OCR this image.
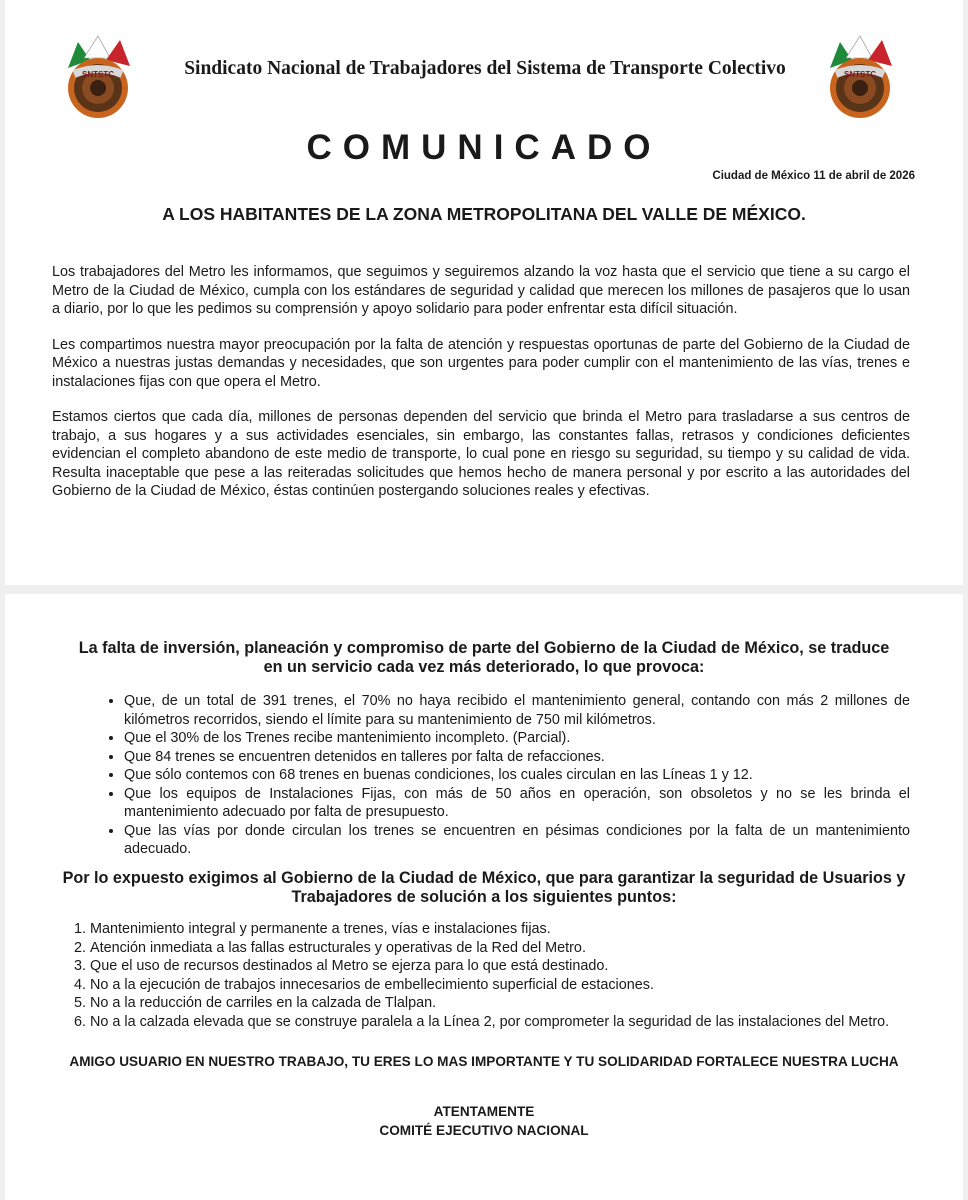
SNTSTC	SNTSTC
Sindicato Nacional de Trabajadores del Sistema de Transporte Colectivo
COMUNICADO
Ciudad de México 11 de abril de 2026
A LOS HABITANTES DE LA ZONA METROPOLITANA DEL VALLE DE MÉXICO.

Los trabajadores del Metro les informamos, que seguimos y seguiremos alzando la voz hasta que el servicio que tiene a su cargo el Metro de la Ciudad de México, cumpla con los estándares de seguridad y calidad que merecen los millones de pasajeros que lo usan a diario, por lo que les pedimos su comprensión y apoyo solidario para poder enfrentar esta difícil situación.

Les compartimos nuestra mayor preocupación por la falta de atención y respuestas oportunas de parte del Gobierno de la Ciudad de México a nuestras justas demandas y necesidades, que son urgentes para poder cumplir con el mantenimiento de las vías, trenes e instalaciones fijas con que opera el Metro.

Estamos ciertos que cada día, millones de personas dependen del servicio que brinda el Metro para trasladarse a sus centros de trabajo, a sus hogares y a sus actividades esenciales, sin embargo, las constantes fallas, retrasos y condiciones deficientes evidencian el completo abandono de este medio de transporte, lo cual pone en riesgo su seguridad, su tiempo y su calidad de vida. Resulta inaceptable que pese a las reiteradas solicitudes que hemos hecho de manera personal y por escrito a las autoridades del Gobierno de la Ciudad de México, éstas continúen postergando soluciones reales y efectivas.

La falta de inversión, planeación y compromiso de parte del Gobierno de la Ciudad de México, se traduce en un servicio cada vez más deteriorado, lo que provoca:
• Que, de un total de 391 trenes, el 70% no haya recibido el mantenimiento general, contando con más 2 millones de kilómetros recorridos, siendo el límite para su mantenimiento de 750 mil kilómetros.
• Que el 30% de los Trenes recibe mantenimiento incompleto. (Parcial).
• Que 84 trenes se encuentren detenidos en talleres por falta de refacciones.
• Que sólo contemos con 68 trenes en buenas condiciones, los cuales circulan en las Líneas 1 y 12.
• Que los equipos de Instalaciones Fijas, con más de 50 años en operación, son obsoletos y no se les brinda el mantenimiento adecuado por falta de presupuesto.
• Que las vías por donde circulan los trenes se encuentren en pésimas condiciones por la falta de un mantenimiento adecuado.
Por lo expuesto exigimos al Gobierno de la Ciudad de México, que para garantizar la seguridad de Usuarios y Trabajadores de solución a los siguientes puntos:
1. Mantenimiento integral y permanente a trenes, vías e instalaciones fijas.
2. Atención inmediata a las fallas estructurales y operativas de la Red del Metro.
3. Que el uso de recursos destinados al Metro se ejerza para lo que está destinado.
4. No a la ejecución de trabajos innecesarios de embellecimiento superficial de estaciones.
5. No a la reducción de carriles en la calzada de Tlalpan.
6. No a la calzada elevada que se construye paralela a la Línea 2, por comprometer la seguridad de las instalaciones del Metro.
AMIGO USUARIO EN NUESTRO TRABAJO, TU ERES LO MAS IMPORTANTE Y TU SOLIDARIDAD FORTALECE NUESTRA LUCHA
ATENTAMENTE
COMITÉ EJECUTIVO NACIONAL
